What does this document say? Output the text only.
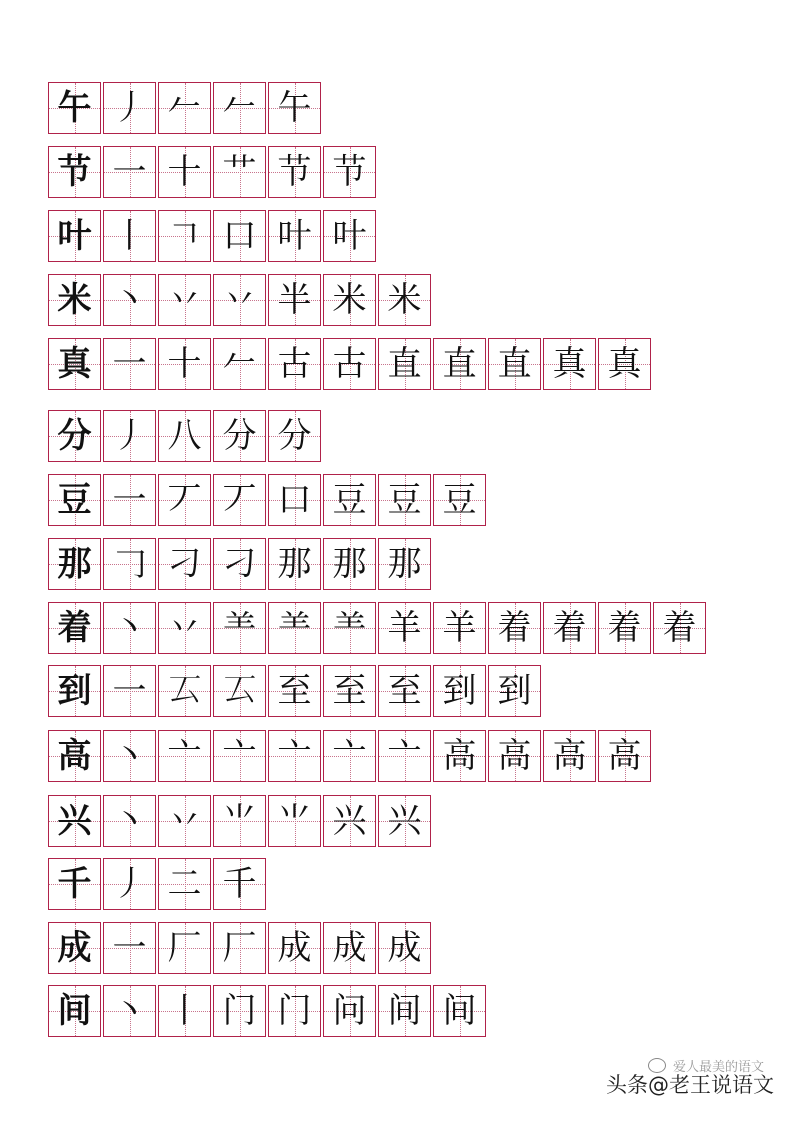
午 丿 𠂉 𠂉 午
节 一 十 艹 节 节
叶 丨 𠃍 口 叶 叶
米 丶 丷 丷 半 米 米
真 一 十 𠂉 古 古 直 直 直 真 真
分 丿 八 分 分
豆 一 丆 丆 口 豆 豆 豆
那 𠃌 刁 刁 那 那 那
着 丶 丷 ⺷ ⺷ ⺷ 羊 羊 着 着 着 着
到 一 𠫔 𠫔 至 至 至 到 到
高 丶 亠 亠 亠 亠 亠 高 高 高 高
兴 丶 丷 ⺌ ⺌ 兴 兴
千 丿 二 千
成 一 厂 厂 成 成 成
间 丶 丨 门 门 问 间 间
爱人最美的语文
头条@老王说语文
